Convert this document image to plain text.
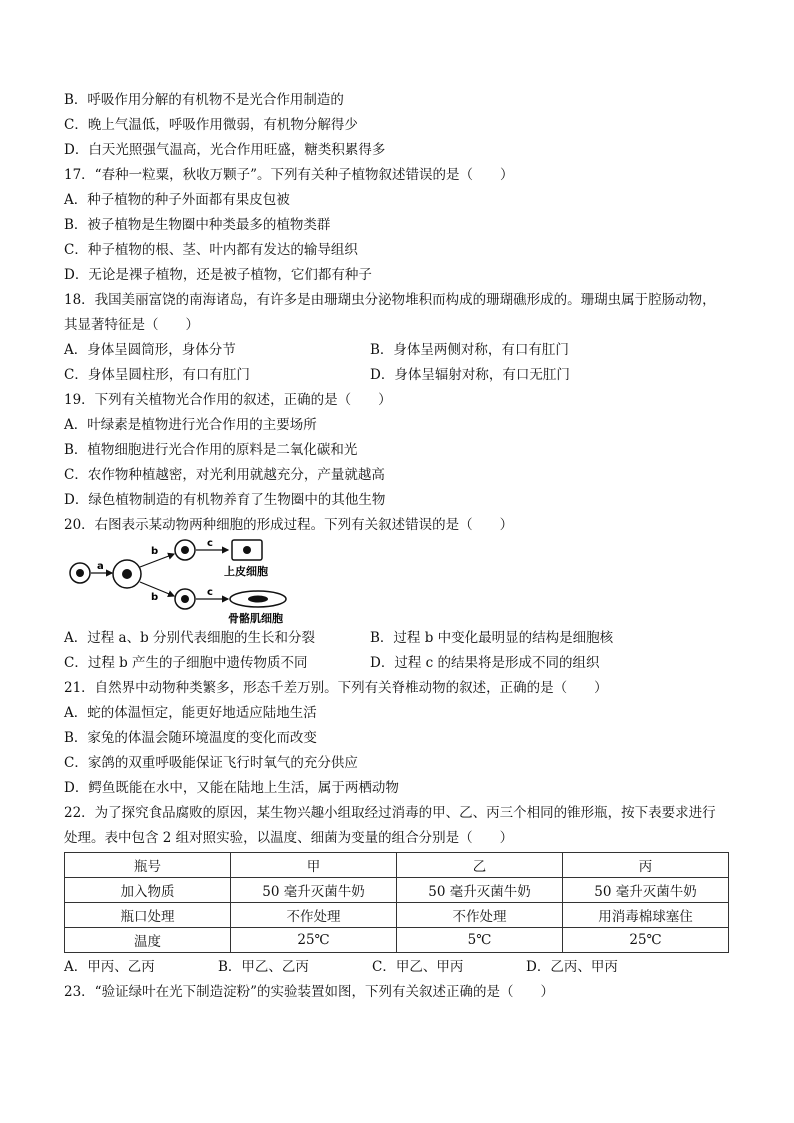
B．呼吸作用分解的有机物不是光合作用制造的
C．晚上气温低，呼吸作用微弱，有机物分解得少
D．白天光照强气温高，光合作用旺盛，糖类积累得多
17．“春种一粒粟，秋收万颗子”。下列有关种子植物叙述错误的是（　　）
A．种子植物的种子外面都有果皮包被
B．被子植物是生物圈中种类最多的植物类群
C．种子植物的根、茎、叶内都有发达的输导组织
D．无论是裸子植物，还是被子植物，它们都有种子
18．我国美丽富饶的南海诸岛，有许多是由珊瑚虫分泌物堆积而构成的珊瑚礁形成的。珊瑚虫属于腔肠动物，
其显著特征是（　　）
A．身体呈圆筒形，身体分节	B．身体呈两侧对称，有口有肛门
C．身体呈圆柱形，有口有肛门	D．身体呈辐射对称，有口无肛门
19．下列有关植物光合作用的叙述，正确的是（　　）
A．叶绿素是植物进行光合作用的主要场所
B．植物细胞进行光合作用的原料是二氧化碳和光
C．农作物种植越密，对光利用就越充分，产量就越高
D．绿色植物制造的有机物养育了生物圈中的其他生物
20．右图表示某动物两种细胞的形成过程。下列有关叙述错误的是（　　）
a
b
b
c
c
上皮细胞
骨骼肌细胞
A．过程 a、b 分别代表细胞的生长和分裂	B．过程 b 中变化最明显的结构是细胞核
C．过程 b 产生的子细胞中遗传物质不同	D．过程 c 的结果将是形成不同的组织
21．自然界中动物种类繁多，形态千差万别。下列有关脊椎动物的叙述，正确的是（　　）
A．蛇的体温恒定，能更好地适应陆地生活
B．家兔的体温会随环境温度的变化而改变
C．家鸽的双重呼吸能保证飞行时氧气的充分供应
D．鳄鱼既能在水中，又能在陆地上生活，属于两栖动物
22．为了探究食品腐败的原因，某生物兴趣小组取经过消毒的甲、乙、丙三个相同的锥形瓶，按下表要求进行
处理。表中包含 2 组对照实验，以温度、细菌为变量的组合分别是（　　）
瓶号	甲	乙	丙
加入物质	50 毫升灭菌牛奶	50 毫升灭菌牛奶	50 毫升灭菌牛奶
瓶口处理	不作处理	不作处理	用消毒棉球塞住
温度	25℃	5℃	25℃
A．甲丙、乙丙	B．甲乙、乙丙	C．甲乙、甲丙	D．乙丙、甲丙
23．“验证绿叶在光下制造淀粉”的实验装置如图，下列有关叙述正确的是（　　）
